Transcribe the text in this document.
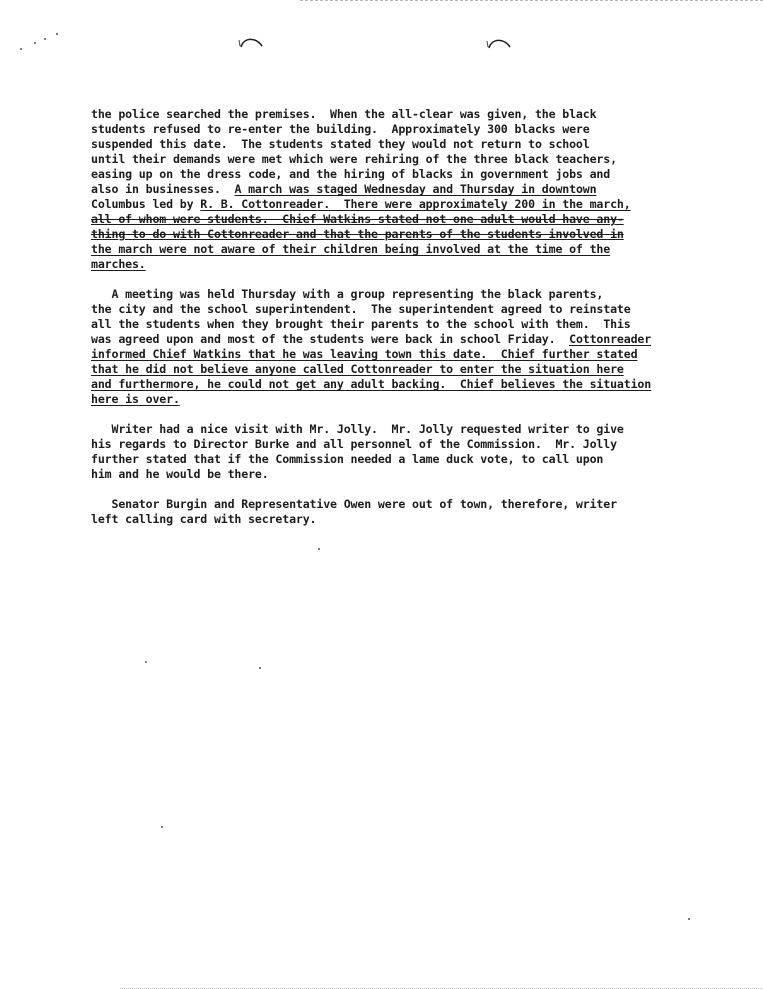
the police searched the premises.  When the all-clear was given, the black
students refused to re-enter the building.  Approximately 300 blacks were
suspended this date.  The students stated they would not return to school
until their demands were met which were rehiring of the three black teachers,
easing up on the dress code, and the hiring of blacks in government jobs and
also in businesses.  A march was staged Wednesday and Thursday in downtown
Columbus led by R. B. Cottonreader.  There were approximately 200 in the march,
all of whom were students.  Chief Watkins stated not one adult would have any-
thing to do with Cottonreader and that the parents of the students involved in
the march were not aware of their children being involved at the time of the
marches.
A meeting was held Thursday with a group representing the black parents,
the city and the school superintendent.  The superintendent agreed to reinstate
all the students when they brought their parents to the school with them.  This
was agreed upon and most of the students were back in school Friday.  Cottonreader
informed Chief Watkins that he was leaving town this date.  Chief further stated
that he did not believe anyone called Cottonreader to enter the situation here
and furthermore, he could not get any adult backing.  Chief believes the situation
here is over.
Writer had a nice visit with Mr. Jolly.  Mr. Jolly requested writer to give
his regards to Director Burke and all personnel of the Commission.  Mr. Jolly
further stated that if the Commission needed a lame duck vote, to call upon
him and he would be there.
Senator Burgin and Representative Owen were out of town, therefore, writer
left calling card with secretary.
